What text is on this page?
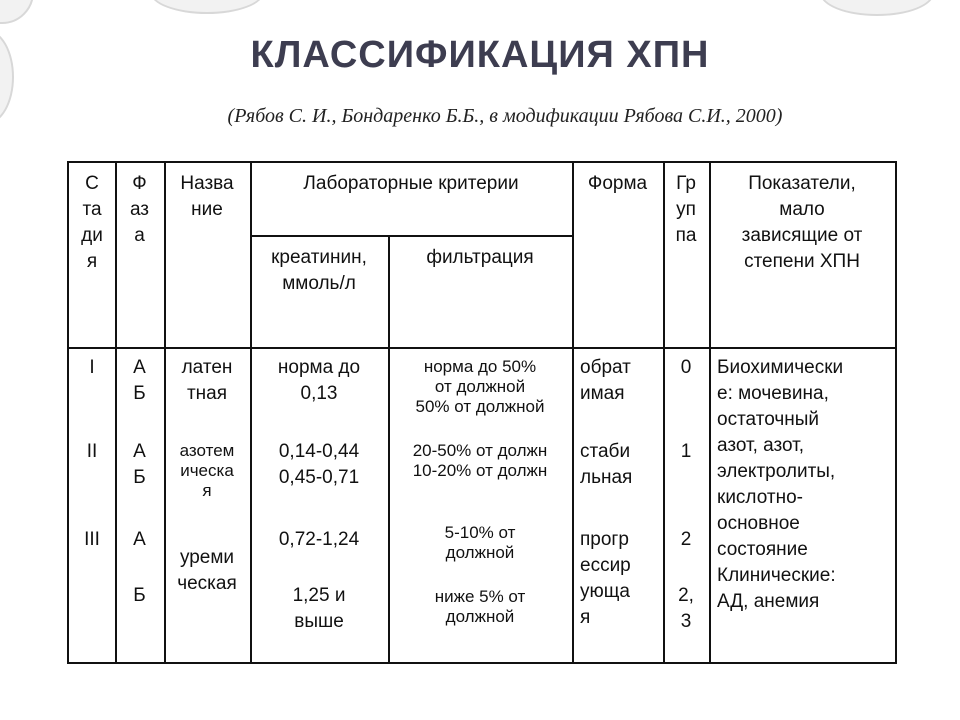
КЛАССИФИКАЦИЯ ХПН
(Рябов С. И., Бондаренко Б.Б., в модификации Рябова С.И., 2000)
С
та
ди
я
Ф
аз
а
Назва
ние
Лабораторные критерии
креатинин,
ммоль/л
фильтрация
Форма	Гр
уп
па
Показатели,
мало
зависящие от
степени ХПН
I
II
III
А
Б
А
Б
А
Б
латен
тная
азотем
ическа
я
уреми
ческая
норма до
0,13
0,14-0,44
0,45-0,71
0,72-1,24
1,25 и
выше
норма до 50%
от должной
50% от должной
20-50% от должн
10-20% от должн
5-10% от
должной
ниже 5% от
должной
обрат
имая
стаби
льная
прогр
ессир
ующа
я
0
1
2
2,
3
Биохимически
е: мочевина,
остаточный
азот, азот,
электролиты,
кислотно-
основное
состояние
Клинические:
АД, анемия
